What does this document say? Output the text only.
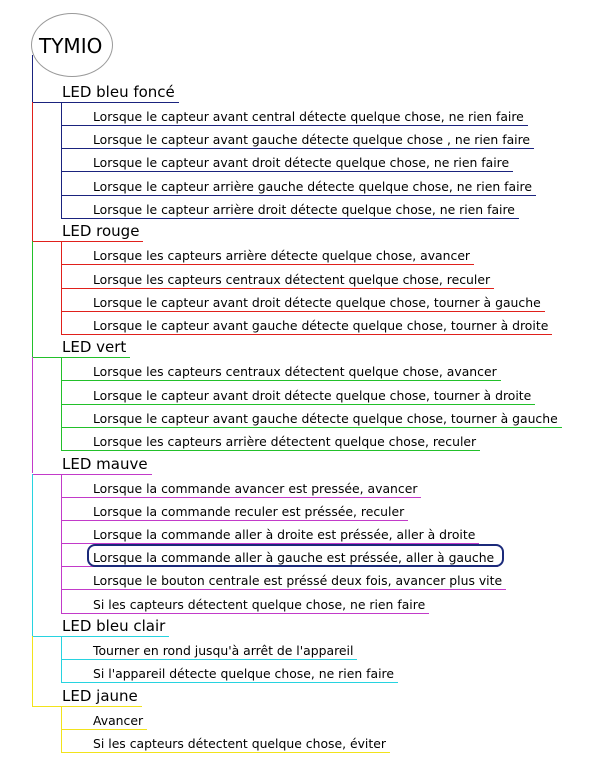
TYMIO
LED bleu foncé
Lorsque le capteur avant central détecte quelque chose, ne rien faire
Lorsque le capteur avant gauche détecte quelque chose , ne rien faire
Lorsque le capteur avant droit détecte quelque chose, ne rien faire
Lorsque le capteur arrière gauche détecte quelque chose, ne rien faire
Lorsque le capteur arrière droit détecte quelque chose, ne rien faire
LED rouge
Lorsque les capteurs arrière détecte quelque chose, avancer
Lorsque les capteurs centraux détectent quelque chose, reculer
Lorsque le capteur avant droit détecte quelque chose, tourner à gauche
Lorsque le capteur avant gauche détecte quelque chose, tourner à droite
LED vert
Lorsque les capteurs centraux détectent quelque chose, avancer
Lorsque le capteur avant droit détecte quelque chose, tourner à droite
Lorsque le capteur avant gauche détecte quelque chose, tourner à gauche
Lorsque les capteurs arrière détectent quelque chose, reculer
LED mauve
Lorsque la commande avancer est pressée, avancer
Lorsque la commande reculer est préssée, reculer
Lorsque la commande aller à droite est préssée, aller à droite
Lorsque la commande aller à gauche est préssée, aller à gauche
Lorsque le bouton centrale est préssé deux fois, avancer plus vite
Si les capteurs détectent quelque chose, ne rien faire
LED bleu clair
Tourner en rond jusqu'à arrêt de l'appareil
Si l'appareil détecte quelque chose, ne rien faire
LED jaune
Avancer
Si les capteurs détectent quelque chose, éviter
